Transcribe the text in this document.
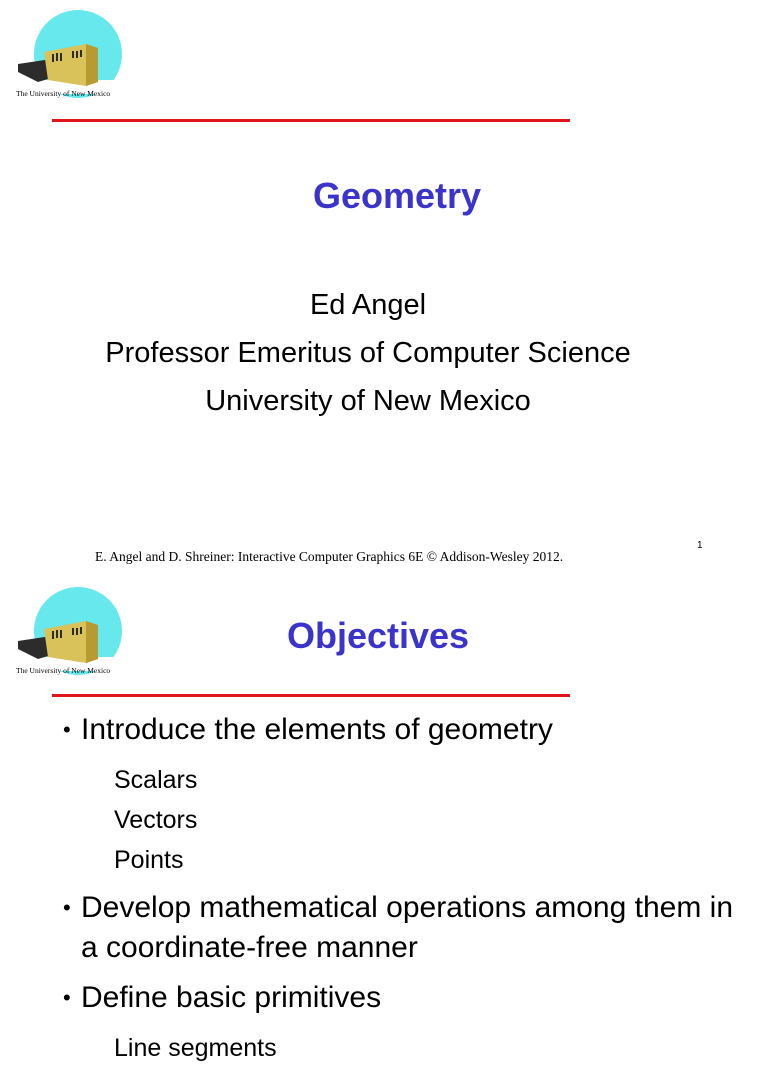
The University of New Mexico
Geometry
Ed Angel
Professor Emeritus of Computer Science
University of New Mexico
E. Angel and D. Shreiner: Interactive Computer Graphics 6E © Addison-Wesley 2012.
1
The University of New Mexico
Objectives
• Introduce the elements of geometry
Scalars
Vectors
Points
• Develop mathematical operations among them in a coordinate-free manner
• Define basic primitives
Line segments
